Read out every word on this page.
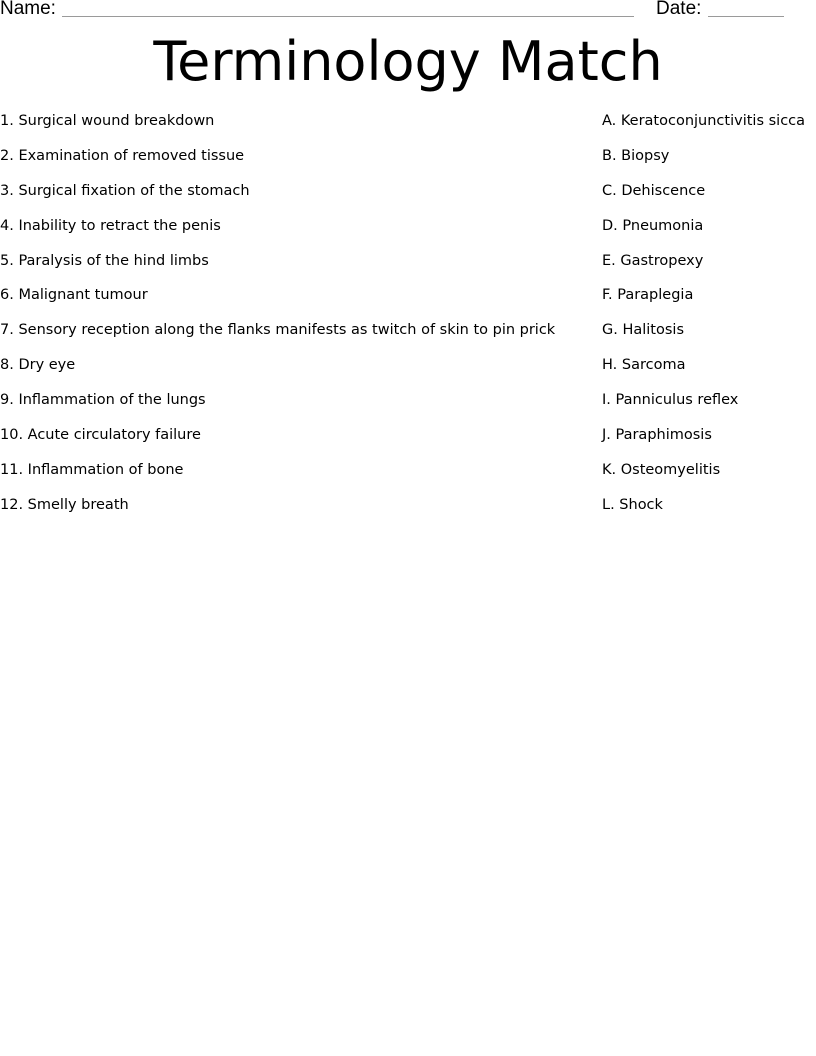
Name:	Date:
Terminology Match
1. Surgical wound breakdown
2. Examination of removed tissue
3. Surgical fixation of the stomach
4. Inability to retract the penis
5. Paralysis of the hind limbs
6. Malignant tumour
7. Sensory reception along the flanks manifests as twitch of skin to pin prick
8. Dry eye
9. Inflammation of the lungs
10. Acute circulatory failure
11. Inflammation of bone
12. Smelly breath
A. Keratoconjunctivitis sicca
B. Biopsy
C. Dehiscence
D. Pneumonia
E. Gastropexy
F. Paraplegia
G. Halitosis
H. Sarcoma
I. Panniculus reflex
J. Paraphimosis
K. Osteomyelitis
L. Shock
